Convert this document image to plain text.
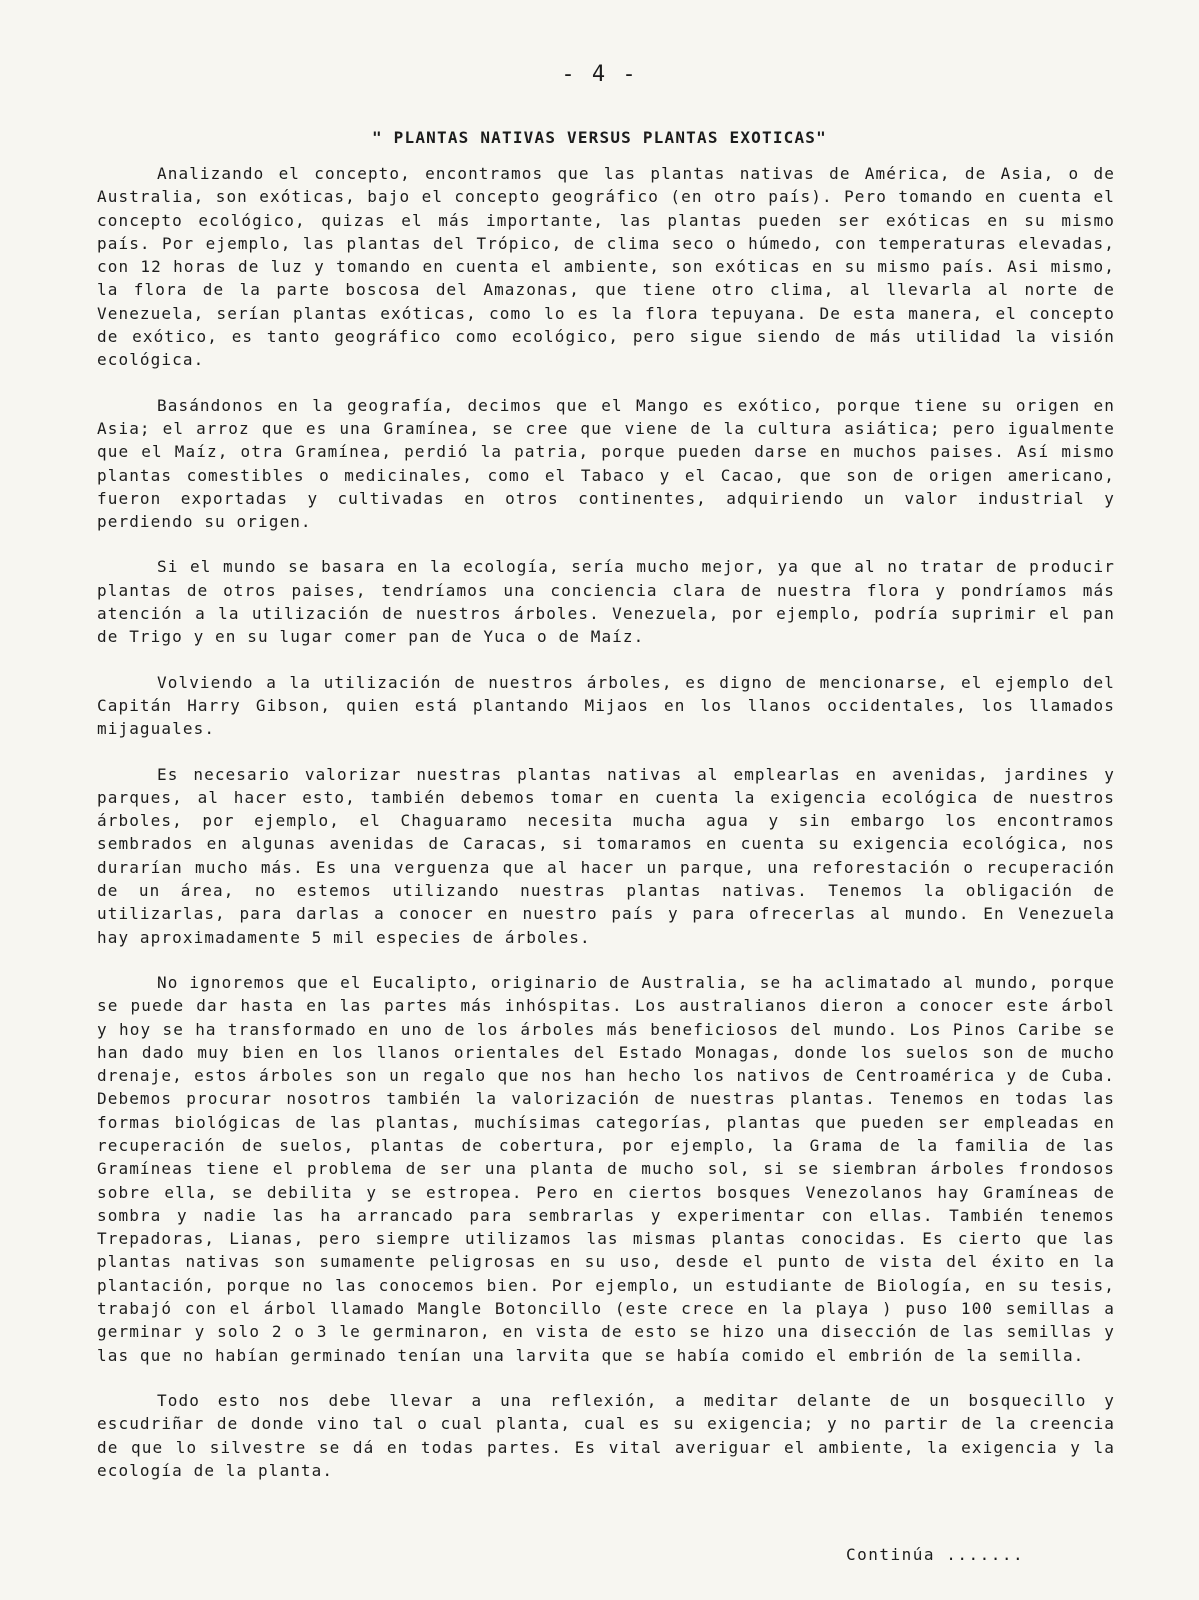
- 4 -
" PLANTAS NATIVAS VERSUS PLANTAS EXOTICAS"

Analizando el concepto, encontramos que las plantas nativas de América, de Asia, o de Australia, son exóticas, bajo el concepto geográfico (en otro país). Pero tomando en cuenta el concepto ecológico, quizas el más importante, las plantas pueden ser exóticas en su mismo país. Por ejemplo, las plantas del Trópico, de clima seco o húmedo, con temperaturas elevadas, con 12 horas de luz y tomando en cuenta el ambiente, son exóticas en su mismo país. Asi mismo, la flora de la parte boscosa del Amazonas, que tiene otro clima, al llevarla al norte de Venezuela, serían plantas exóticas, como lo es la flora tepuyana. De esta manera, el concepto de exótico, es tanto geográfico como ecológico, pero sigue siendo de más utilidad la visión ecológica.

Basándonos en la geografía, decimos que el Mango es exótico, porque tiene su origen en Asia; el arroz que es una Gramínea, se cree que viene de la cultura asiática; pero igualmente que el Maíz, otra Gramínea, perdió la patria, porque pueden darse en muchos paises. Así mismo plantas comestibles o medicinales, como el Tabaco y el Cacao, que son de origen americano, fueron exportadas y cultivadas en otros continentes, adquiriendo un valor industrial y perdiendo su origen.

Si el mundo se basara en la ecología, sería mucho mejor, ya que al no tratar de producir plantas de otros paises, tendríamos una conciencia clara de nuestra flora y pondríamos más atención a la utilización de nuestros árboles. Venezuela, por ejemplo, podría suprimir el pan de Trigo y en su lugar comer pan de Yuca o de Maíz.

Volviendo a la utilización de nuestros árboles, es digno de mencionarse, el ejemplo del Capitán Harry Gibson, quien está plantando Mijaos en los llanos occidentales, los llamados mijaguales.

Es necesario valorizar nuestras plantas nativas al emplearlas en avenidas, jardines y parques, al hacer esto, también debemos tomar en cuenta la exigencia ecológica de nuestros árboles, por ejemplo, el Chaguaramo necesita mucha agua y sin embargo los encontramos sembrados en algunas avenidas de Caracas, si tomaramos en cuenta su exigencia ecológica, nos durarían mucho más. Es una verguenza que al hacer un parque, una reforestación o recuperación de un área, no estemos utilizando nuestras plantas nativas. Tenemos la obligación de utilizarlas, para darlas a conocer en nuestro país y para ofrecerlas al mundo. En Venezuela hay aproximadamente 5 mil especies de árboles.

No ignoremos que el Eucalipto, originario de Australia, se ha aclimatado al mundo, porque se puede dar hasta en las partes más inhóspitas. Los australianos dieron a conocer este árbol y hoy se ha transformado en uno de los árboles más beneficiosos del mundo. Los Pinos Caribe se han dado muy bien en los llanos orientales del Estado Monagas, donde los suelos son de mucho drenaje, estos árboles son un regalo que nos han hecho los nativos de Centroamérica y de Cuba. Debemos procurar nosotros también la valorización de nuestras plantas. Tenemos en todas las formas biológicas de las plantas, muchísimas categorías, plantas que pueden ser empleadas en recuperación de suelos, plantas de cobertura, por ejemplo, la Grama de la familia de las Gramíneas tiene el problema de ser una planta de mucho sol, si se siembran árboles frondosos sobre ella, se debilita y se estropea. Pero en ciertos bosques Venezolanos hay Gramíneas de sombra y nadie las ha arrancado para sembrarlas y experimentar con ellas. También tenemos Trepadoras, Lianas, pero siempre utilizamos las mismas plantas conocidas. Es cierto que las plantas nativas son sumamente peligrosas en su uso, desde el punto de vista del éxito en la plantación, porque no las conocemos bien. Por ejemplo, un estudiante de Biología, en su tesis, trabajó con el árbol llamado Mangle Botoncillo (este crece en la playa ) puso 100 semillas a germinar y solo 2 o 3 le germinaron, en vista de esto se hizo una disección de las semillas y las que no habían germinado tenían una larvita que se había comido el embrión de la semilla.

Todo esto nos debe llevar a una reflexión, a meditar delante de un bosquecillo y escudriñar de donde vino tal o cual planta, cual es su exigencia; y no partir de la creencia de que lo silvestre se dá en todas partes. Es vital averiguar el ambiente, la exigencia y la ecología de la planta.

Continúa .......
